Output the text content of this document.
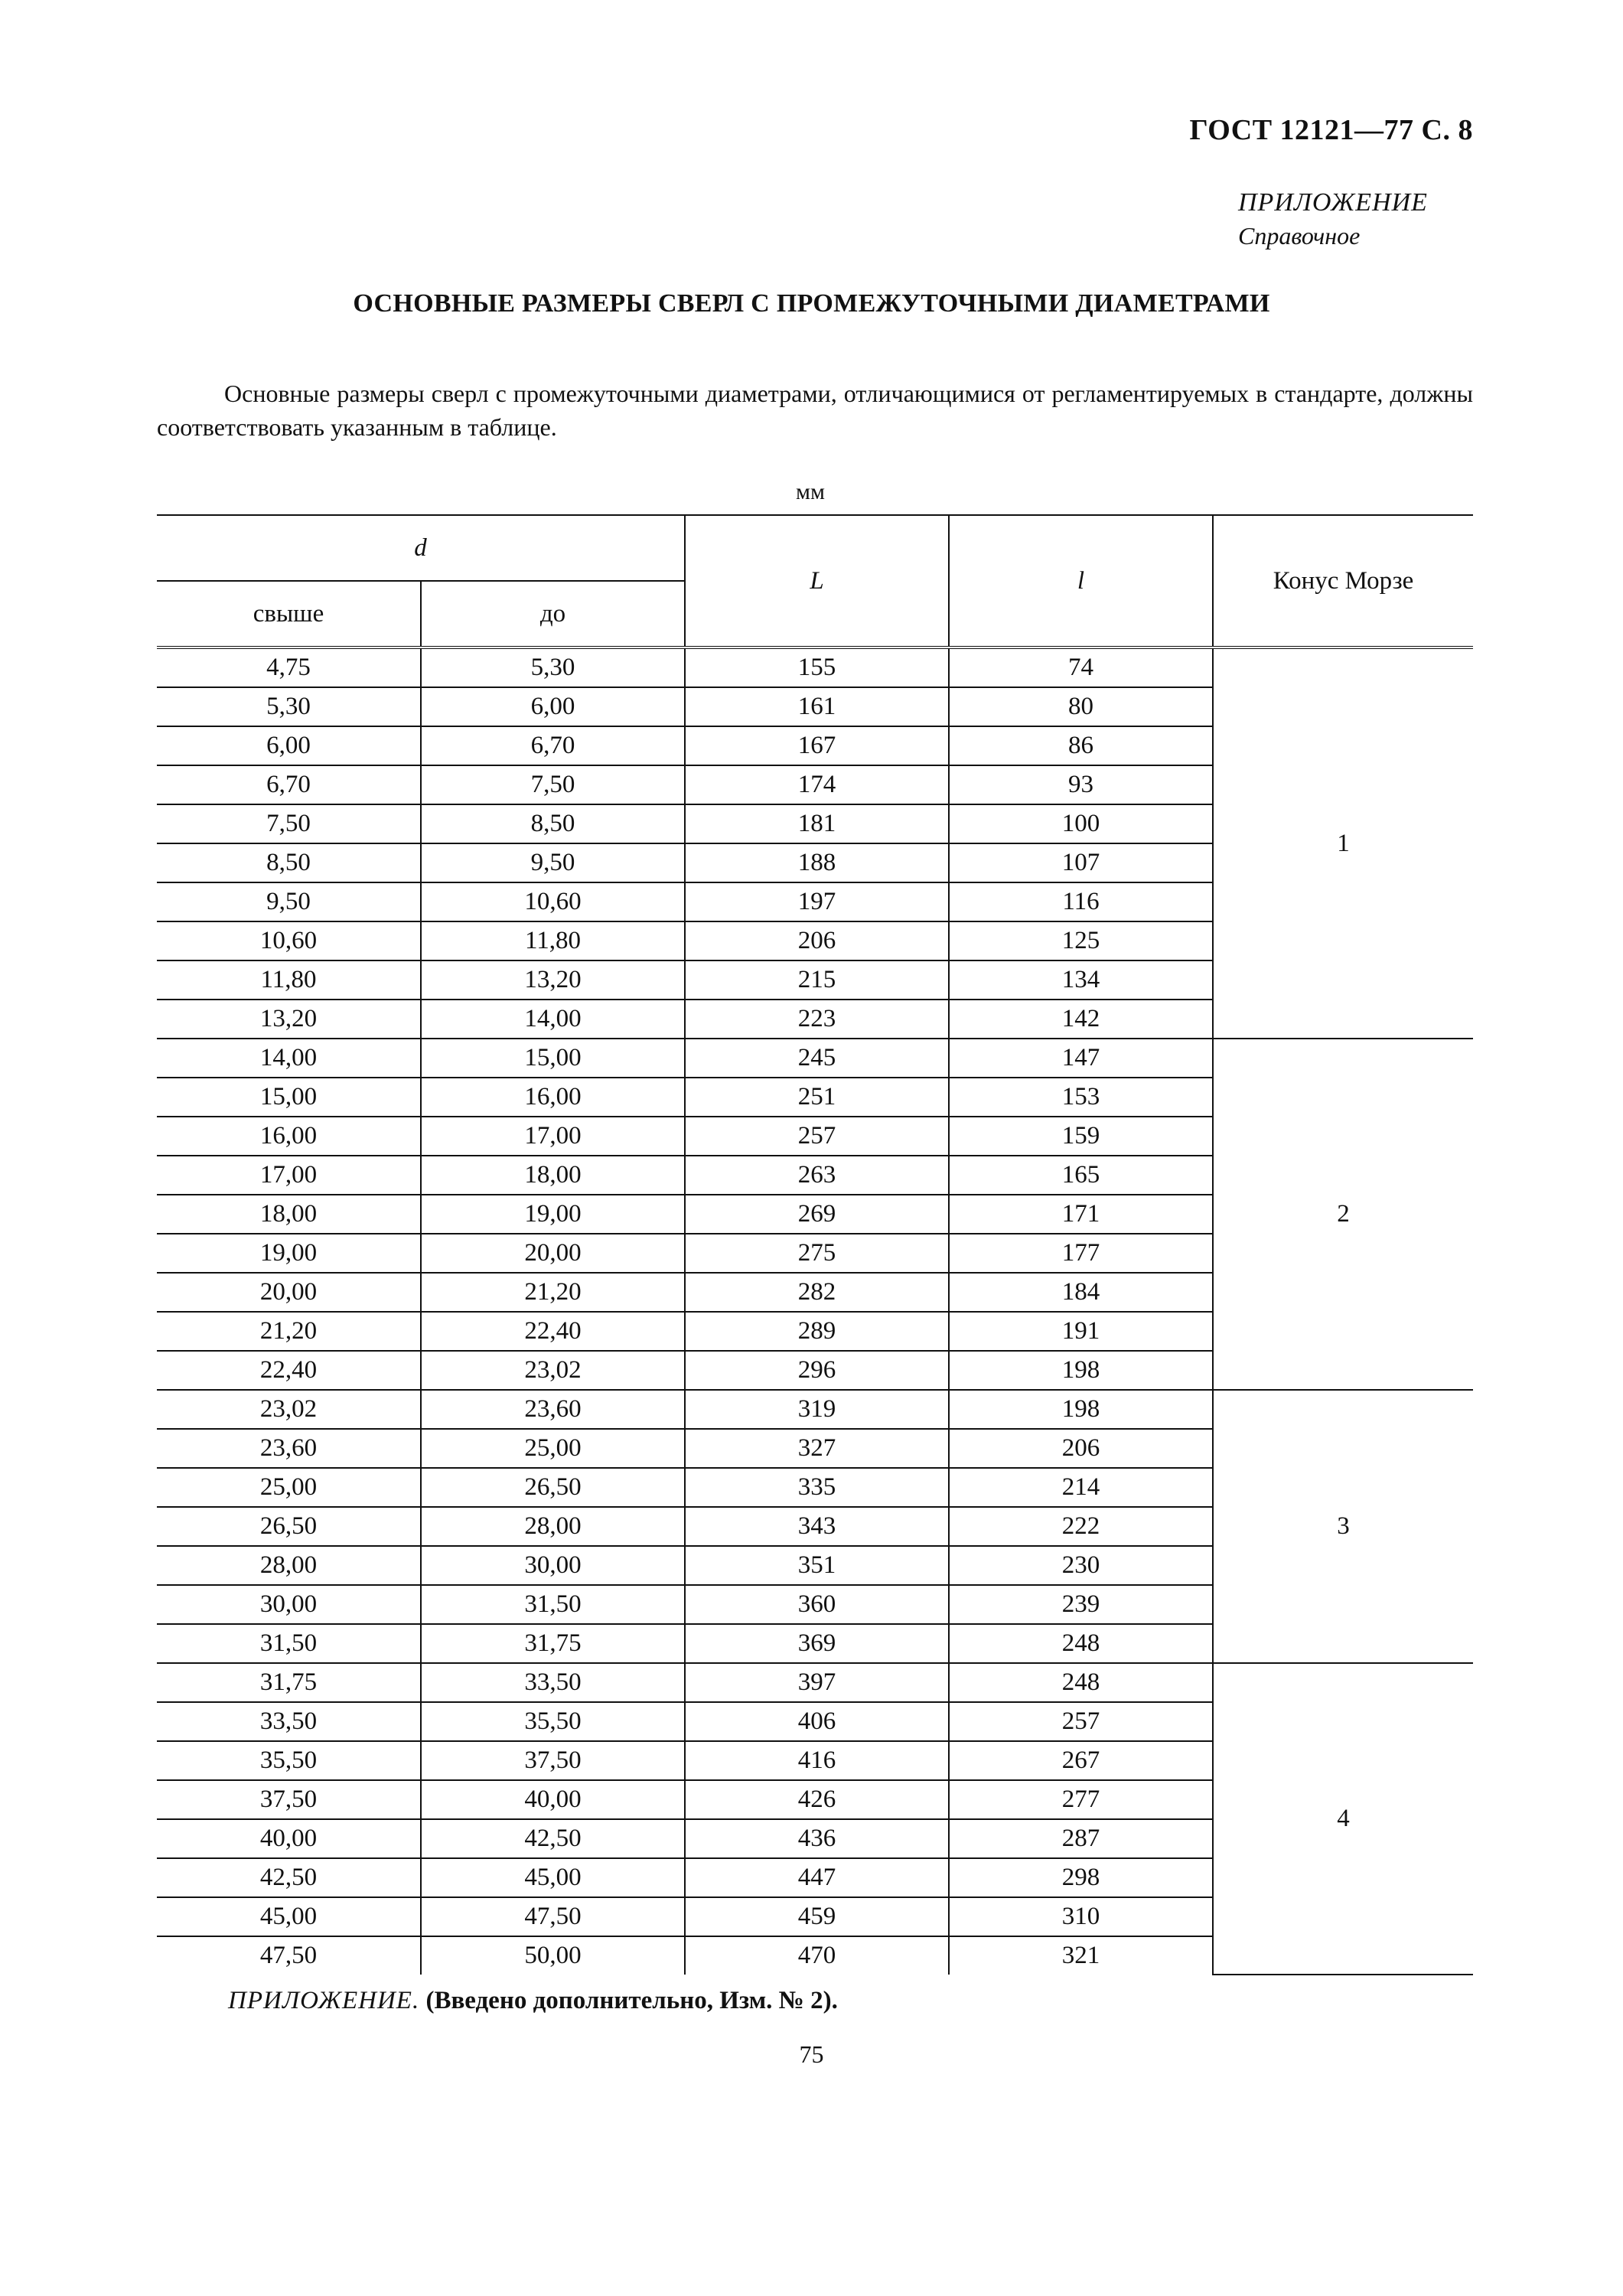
ГОСТ 12121—77 С. 8
ПРИЛОЖЕНИЕ
Справочное
ОСНОВНЫЕ РАЗМЕРЫ СВЕРЛ С ПРОМЕЖУТОЧНЫМИ ДИАМЕТРАМИ
Основные размеры сверл с промежуточными диаметрами, отличающимися от регламентируемых в стандарте, должны соответствовать указанным в таблице.
мм
d		L	l	Конус Морзе
свыше	до			
4,75	5,30	155	74	1
5,30	6,00	161	80	
6,00	6,70	167	86	
6,70	7,50	174	93	
7,50	8,50	181	100	
8,50	9,50	188	107	
9,50	10,60	197	116	
10,60	11,80	206	125	
11,80	13,20	215	134	
13,20	14,00	223	142	
14,00	15,00	245	147	2
15,00	16,00	251	153	
16,00	17,00	257	159	
17,00	18,00	263	165	
18,00	19,00	269	171	
19,00	20,00	275	177	
20,00	21,20	282	184	
21,20	22,40	289	191	
22,40	23,02	296	198	
23,02	23,60	319	198	3
23,60	25,00	327	206	
25,00	26,50	335	214	
26,50	28,00	343	222	
28,00	30,00	351	230	
30,00	31,50	360	239	
31,50	31,75	369	248	
31,75	33,50	397	248	4
33,50	35,50	406	257	
35,50	37,50	416	267	
37,50	40,00	426	277	
40,00	42,50	436	287	
42,50	45,00	447	298	
45,00	47,50	459	310	
47,50	50,00	470	321	
ПРИЛОЖЕНИЕ. (Введено дополнительно, Изм. № 2).
75
